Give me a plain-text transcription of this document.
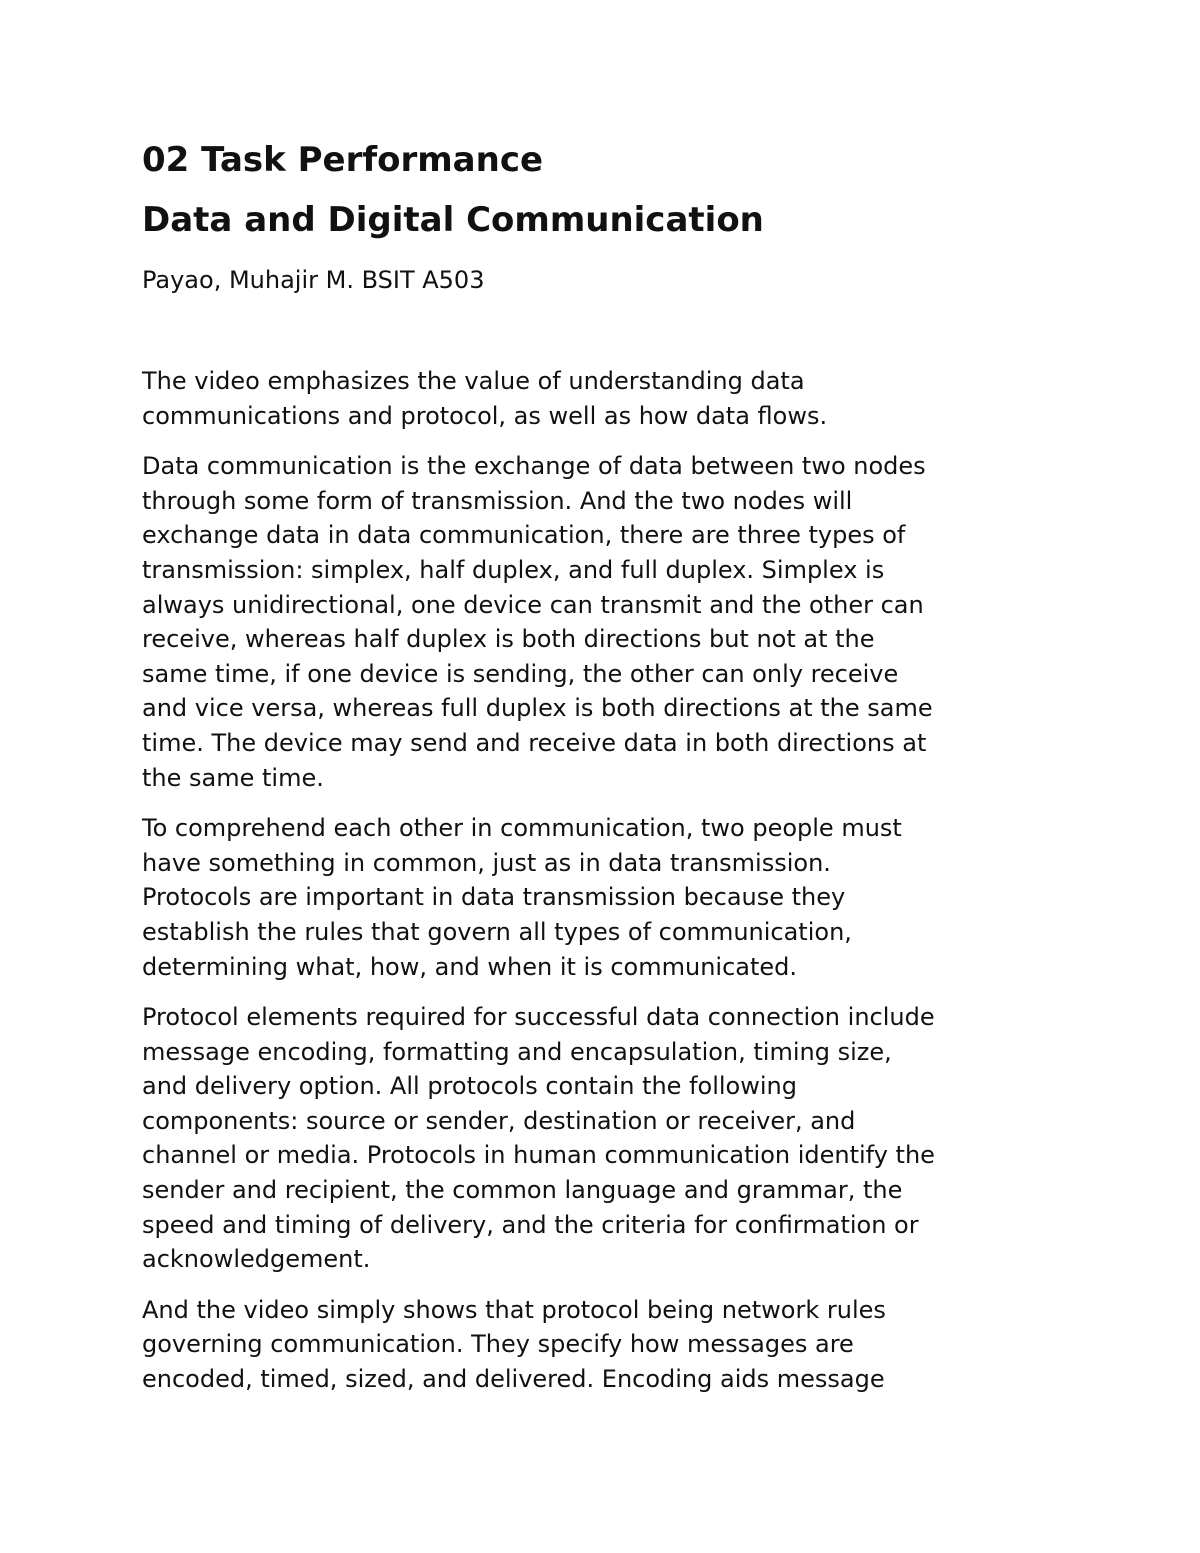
02 Task Performance
Data and Digital Communication

Payao, Muhajir M. BSIT A503

The video emphasizes the value of understanding data
communications and protocol, as well as how data flows.

Data communication is the exchange of data between two nodes
through some form of transmission. And the two nodes will
exchange data in data communication, there are three types of
transmission: simplex, half duplex, and full duplex. Simplex is
always unidirectional, one device can transmit and the other can
receive, whereas half duplex is both directions but not at the
same time, if one device is sending, the other can only receive
and vice versa, whereas full duplex is both directions at the same
time. The device may send and receive data in both directions at
the same time.

To comprehend each other in communication, two people must
have something in common, just as in data transmission.
Protocols are important in data transmission because they
establish the rules that govern all types of communication,
determining what, how, and when it is communicated.

Protocol elements required for successful data connection include
message encoding, formatting and encapsulation, timing size,
and delivery option. All protocols contain the following
components: source or sender, destination or receiver, and
channel or media. Protocols in human communication identify the
sender and recipient, the common language and grammar, the
speed and timing of delivery, and the criteria for confirmation or
acknowledgement.

And the video simply shows that protocol being network rules
governing communication. They specify how messages are
encoded, timed, sized, and delivered. Encoding aids message
